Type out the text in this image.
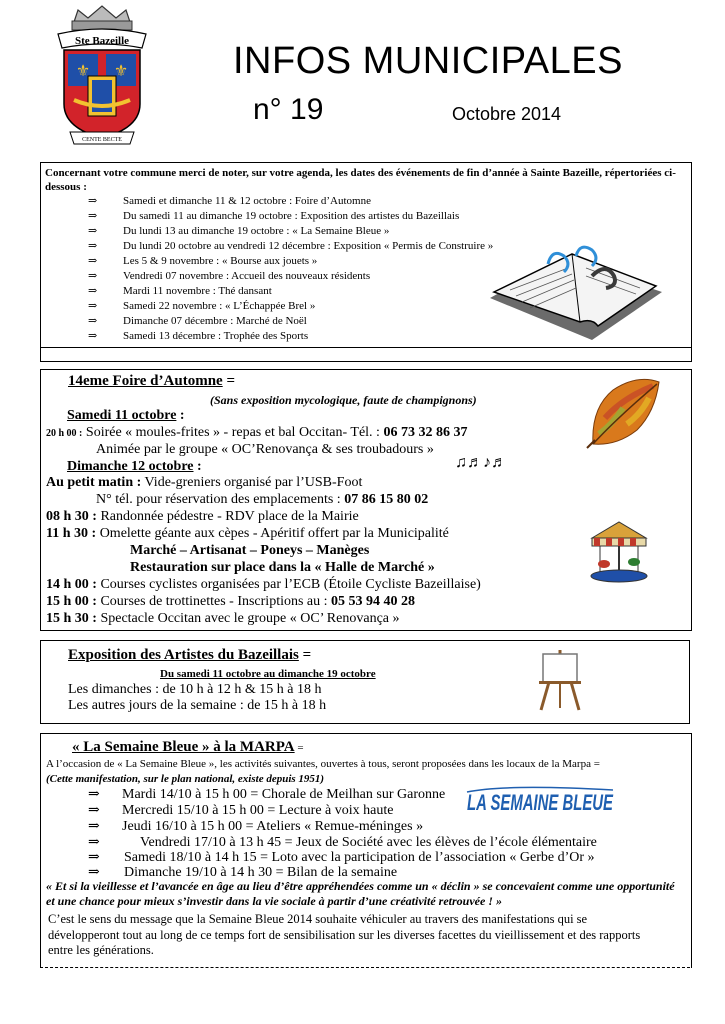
Ste Bazeille
⚜ ⚜
CENTE BECTE
INFOS MUNICIPALES
n° 19	Octobre 2014
Concernant votre commune merci de noter, sur votre agenda, les dates des événements de fin d’année à Sainte Bazeille, répertoriées ci-dessous :
⇒ Samedi et dimanche 11 & 12 octobre : Foire d’Automne
⇒ Du samedi 11 au dimanche 19 octobre : Exposition des artistes du Bazeillais
⇒ Du lundi 13 au dimanche 19 octobre : « La Semaine Bleue »
⇒ Du lundi 20 octobre au vendredi 12 décembre : Exposition « Permis de Construire »
⇒ Les 5 & 9 novembre : « Bourse aux jouets »
⇒ Vendredi 07 novembre : Accueil des nouveaux résidents
⇒ Mardi 11 novembre : Thé dansant
⇒ Samedi 22 novembre : « L’Échappée Brel »
⇒ Dimanche 07 décembre : Marché de Noël
⇒ Samedi 13 décembre : Trophée des Sports
14eme Foire d’Automne =
(Sans exposition mycologique, faute de champignons)
Samedi 11 octobre :
20 h 00 : Soirée « moules-frites » - repas et bal Occitan- Tél. : 06 73 32 86 37
Animée par le groupe « OC’Renovança & ses troubadours »
♫♬♪♬
Dimanche 12 octobre :
Au petit matin : Vide-greniers organisé par l’USB-Foot
N° tél. pour réservation des emplacements : 07 86 15 80 02
08 h 30 : Randonnée pédestre - RDV place de la Mairie
11 h 30 : Omelette géante aux cèpes - Apéritif offert par la Municipalité
Marché – Artisanat – Poneys – Manèges
Restauration sur place dans la « Halle de Marché »
14 h 00 : Courses cyclistes organisées par l’ECB (Étoile Cycliste Bazeillaise)
15 h 00 : Courses de trottinettes - Inscriptions au : 05 53 94 40 28
15 h 30 : Spectacle Occitan avec le groupe « OC’ Renovança »
Exposition des Artistes du Bazeillais =
Du samedi 11 octobre au dimanche 19 octobre
Les dimanches : de 10 h à 12 h & 15 h à 18 h
Les autres jours de la semaine : de 15 h à 18 h
« La Semaine Bleue » à la MARPA =
A l’occasion de « La Semaine Bleue », les activités suivantes, ouvertes à tous, seront proposées dans les locaux de la Marpa =
(Cette manifestation, sur le plan national, existe depuis 1951)
⇒ Mardi 14/10 à 15 h 00 = Chorale de Meilhan sur Garonne
⇒ Mercredi 15/10 à 15 h 00 = Lecture à voix haute
⇒ Jeudi 16/10 à 15 h 00 = Ateliers « Remue-méninges »
⇒	Vendredi 17/10 à 13 h 45 = Jeux de Société avec les élèves de l’école élémentaire
⇒ Samedi 18/10 à 14 h 15 = Loto avec la participation de l’association « Gerbe d’Or »
⇒ Dimanche 19/10 à 14 h 30 = Bilan de la semaine
LA SEMAINE BLEUE
« Et si la vieillesse et l’avancée en âge au lieu d’être appréhendées comme un « déclin » se concevaient comme une opportunité et une chance pour mieux s’investir dans la vie sociale à partir d’une créativité retrouvée ! »
C’est le sens du message que la Semaine Bleue 2014 souhaite véhiculer au travers des manifestations qui se développeront tout au long de ce temps fort de sensibilisation sur les diverses facettes du vieillissement et des rapports entre les générations.
